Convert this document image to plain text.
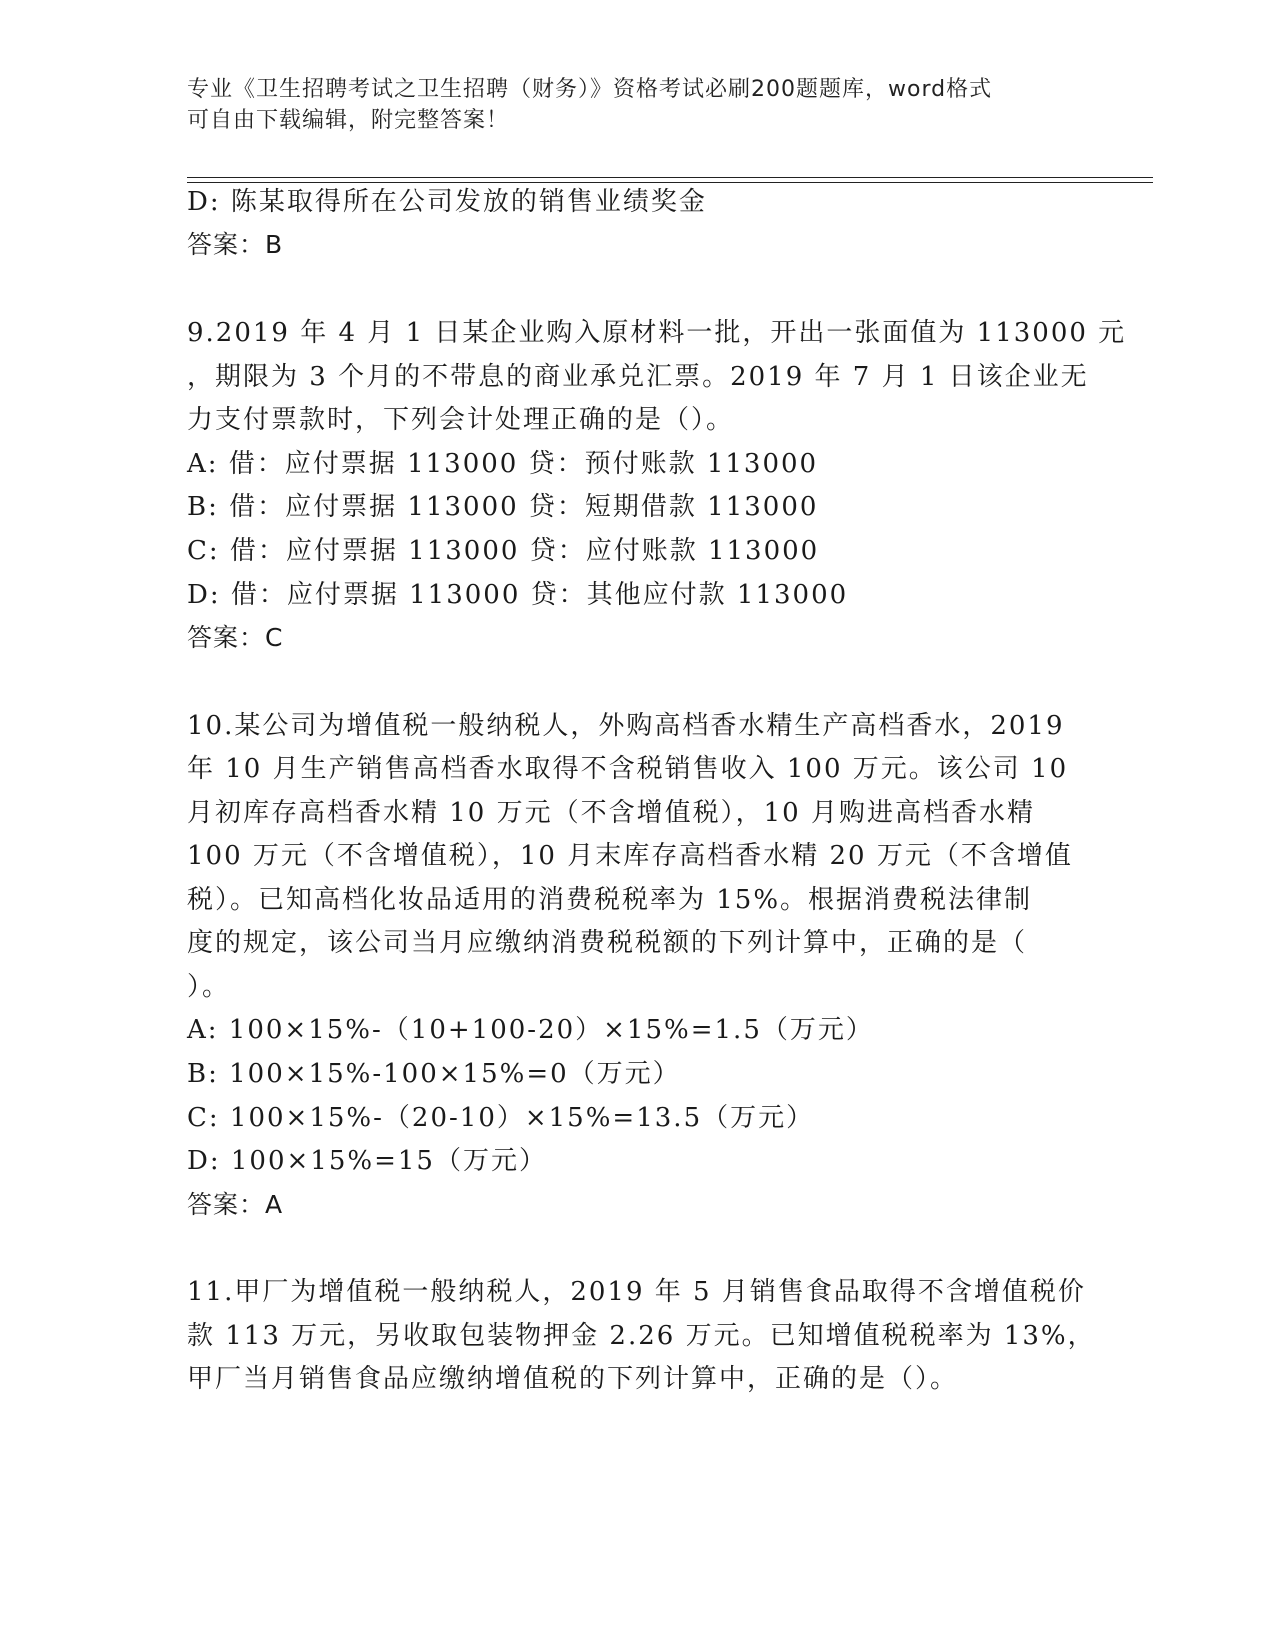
专业《卫生招聘考试之卫生招聘（财务）》资格考试必刷200题题库，word格式
可自由下载编辑，附完整答案！
D: 陈某取得所在公司发放的销售业绩奖金
答案：B
9.2019 年 4 月 1 日某企业购入原材料一批，开出一张面值为 113000 元
，期限为 3 个月的不带息的商业承兑汇票。2019 年 7 月 1 日该企业无
力支付票款时，下列会计处理正确的是（）。
A: 借：应付票据 113000 贷：预付账款 113000
B: 借：应付票据 113000 贷：短期借款 113000
C: 借：应付票据 113000 贷：应付账款 113000
D: 借：应付票据 113000 贷：其他应付款 113000
答案：C
10.某公司为增值税一般纳税人，外购高档香水精生产高档香水，2019
年 10 月生产销售高档香水取得不含税销售收入 100 万元。该公司 10
月初库存高档香水精 10 万元（不含增值税），10 月购进高档香水精
100 万元（不含增值税），10 月末库存高档香水精 20 万元（不含增值
税）。已知高档化妆品适用的消费税税率为 15%。根据消费税法律制
度的规定，该公司当月应缴纳消费税税额的下列计算中，正确的是（
）。
A: 100×15%-（10+100-20）×15%=1.5（万元）
B: 100×15%-100×15%=0（万元）
C: 100×15%-（20-10）×15%=13.5（万元）
D: 100×15%=15（万元）
答案：A
11.甲厂为增值税一般纳税人，2019 年 5 月销售食品取得不含增值税价
款 113 万元，另收取包装物押金 2.26 万元。已知增值税税率为 13%，
甲厂当月销售食品应缴纳增值税的下列计算中，正确的是（）。
